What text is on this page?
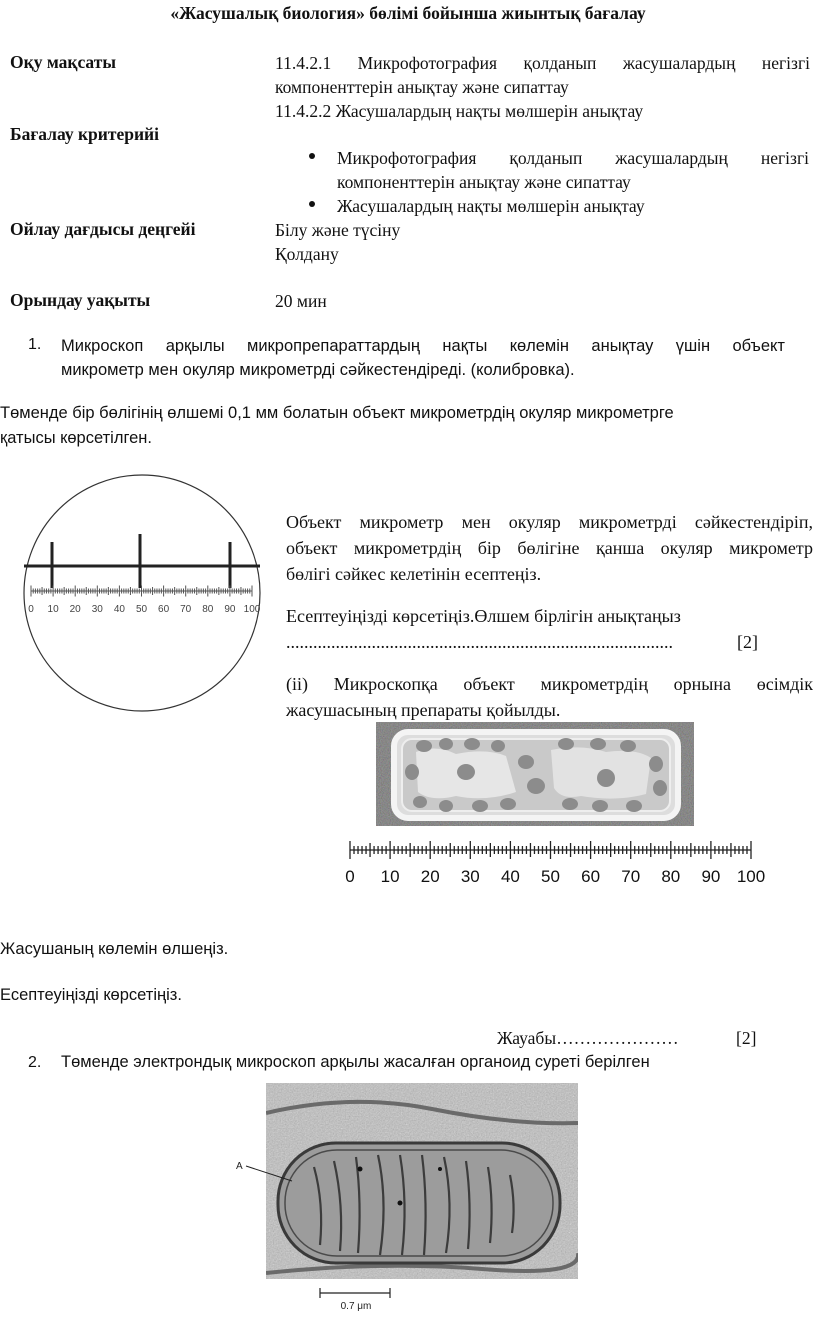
«Жасушалық биология» бөлімі бойынша жиынтық бағалау
Оқу мақсаты	11.4.2.1 Микрофотография қолданып жасушалардың негізгі
компоненттерін анықтау және сипаттау
11.4.2.2 Жасушалардың нақты мөлшерін анықтау
Бағалау критерийі
Микрофотография қолданып жасушалардың негізгі
компоненттерін анықтау және сипаттау
Жасушалардың нақты мөлшерін анықтау
Ойлау дағдысы деңгейі	Білу және түсіну
Қолдану
Орындау уақыты	20 мин
1. Микроскоп арқылы микропрепараттардың нақты көлемін анықтау үшін объект
микрометр мен окуляр микрометрді сәйкестендіреді. (колибровка).
Төменде бір бөлігінің өлшемі 0,1 мм болатын объект микрометрдің окуляр микрометрге
қатысы көрсетілген.
0 10 20 30 40 50 60 70 80 90 100
Объект микрометр мен окуляр микрометрді сәйкестендіріп,
объект микрометрдің бір бөлігіне қанша окуляр микрометр
бөлігі сәйкес келетінін есептеңіз.
Есептеуіңізді көрсетіңіз.Өлшем бірлігін анықтаңыз
......................................................................................	[2]
(ii) Микроскопқа объект микрометрдің орнына өсімдік
жасушасының препараты қойылды.
0 10 20 30 40 50 60 70 80 90 100
Жасушаның көлемін өлшеңіз.
Есептеуіңізді көрсетіңіз.
Жауабы…………………	[2]
2. Төменде электрондық микроскоп арқылы жасалған органоид суреті берілген
A
0.7 μm
